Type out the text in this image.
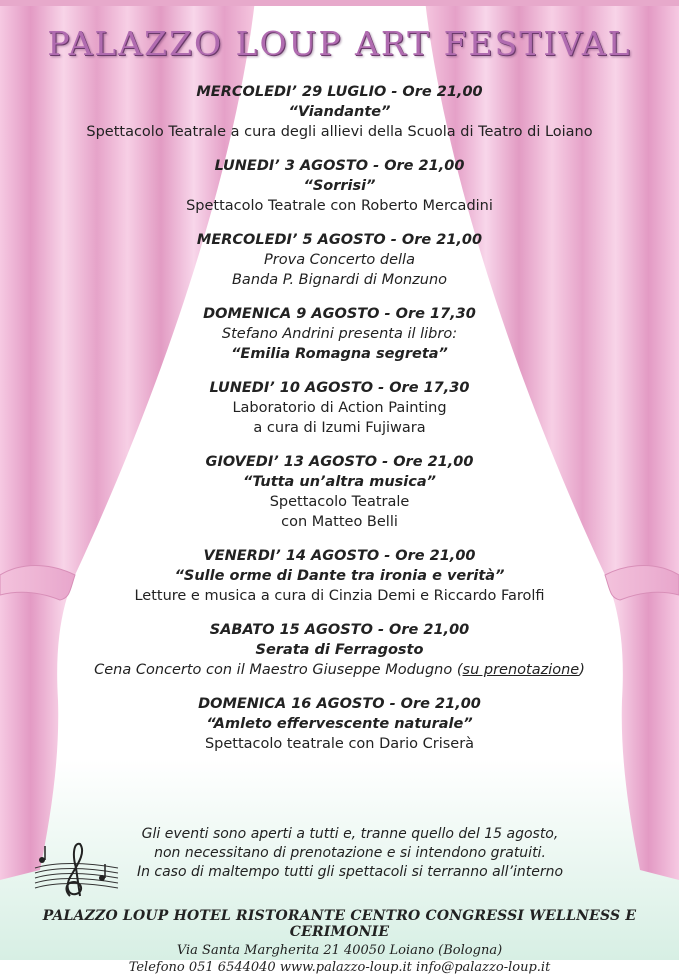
PALAZZO LOUP ART FESTIVAL
MERCOLEDI’ 29 LUGLIO - Ore 21,00
“Viandante”
Spettacolo Teatrale a cura degli allievi della Scuola di Teatro di Loiano
LUNEDI’ 3 AGOSTO - Ore 21,00
“Sorrisi”
Spettacolo Teatrale con Roberto Mercadini
MERCOLEDI’ 5 AGOSTO - Ore 21,00
Prova Concerto della
Banda P. Bignardi di Monzuno
DOMENICA 9 AGOSTO - Ore 17,30
Stefano Andrini presenta il libro:
“Emilia Romagna segreta”
LUNEDI’ 10 AGOSTO - Ore 17,30
Laboratorio di Action Painting
a cura di Izumi Fujiwara
GIOVEDI’ 13 AGOSTO - Ore 21,00
“Tutta un’altra musica”
Spettacolo Teatrale
con Matteo Belli
VENERDI’ 14 AGOSTO - Ore 21,00
“Sulle orme di Dante tra ironia e verità”
Letture e musica a cura di Cinzia Demi e Riccardo Farolfi
SABATO 15 AGOSTO - Ore 21,00
Serata di Ferragosto
Cena Concerto con il Maestro Giuseppe Modugno (su prenotazione)
DOMENICA 16 AGOSTO - Ore 21,00
“Amleto effervescente naturale”
Spettacolo teatrale con Dario Criserà
Gli eventi sono aperti a tutti e, tranne quello del 15 agosto,
non necessitano di prenotazione e si intendono gratuiti.
In caso di maltempo tutti gli spettacoli si terranno all’interno
PALAZZO LOUP HOTEL RISTORANTE CENTRO CONGRESSI WELLNESS E CERIMONIE
Via Santa Margherita 21 40050 Loiano (Bologna)
Telefono 051 6544040 www.palazzo-loup.it info@palazzo-loup.it
